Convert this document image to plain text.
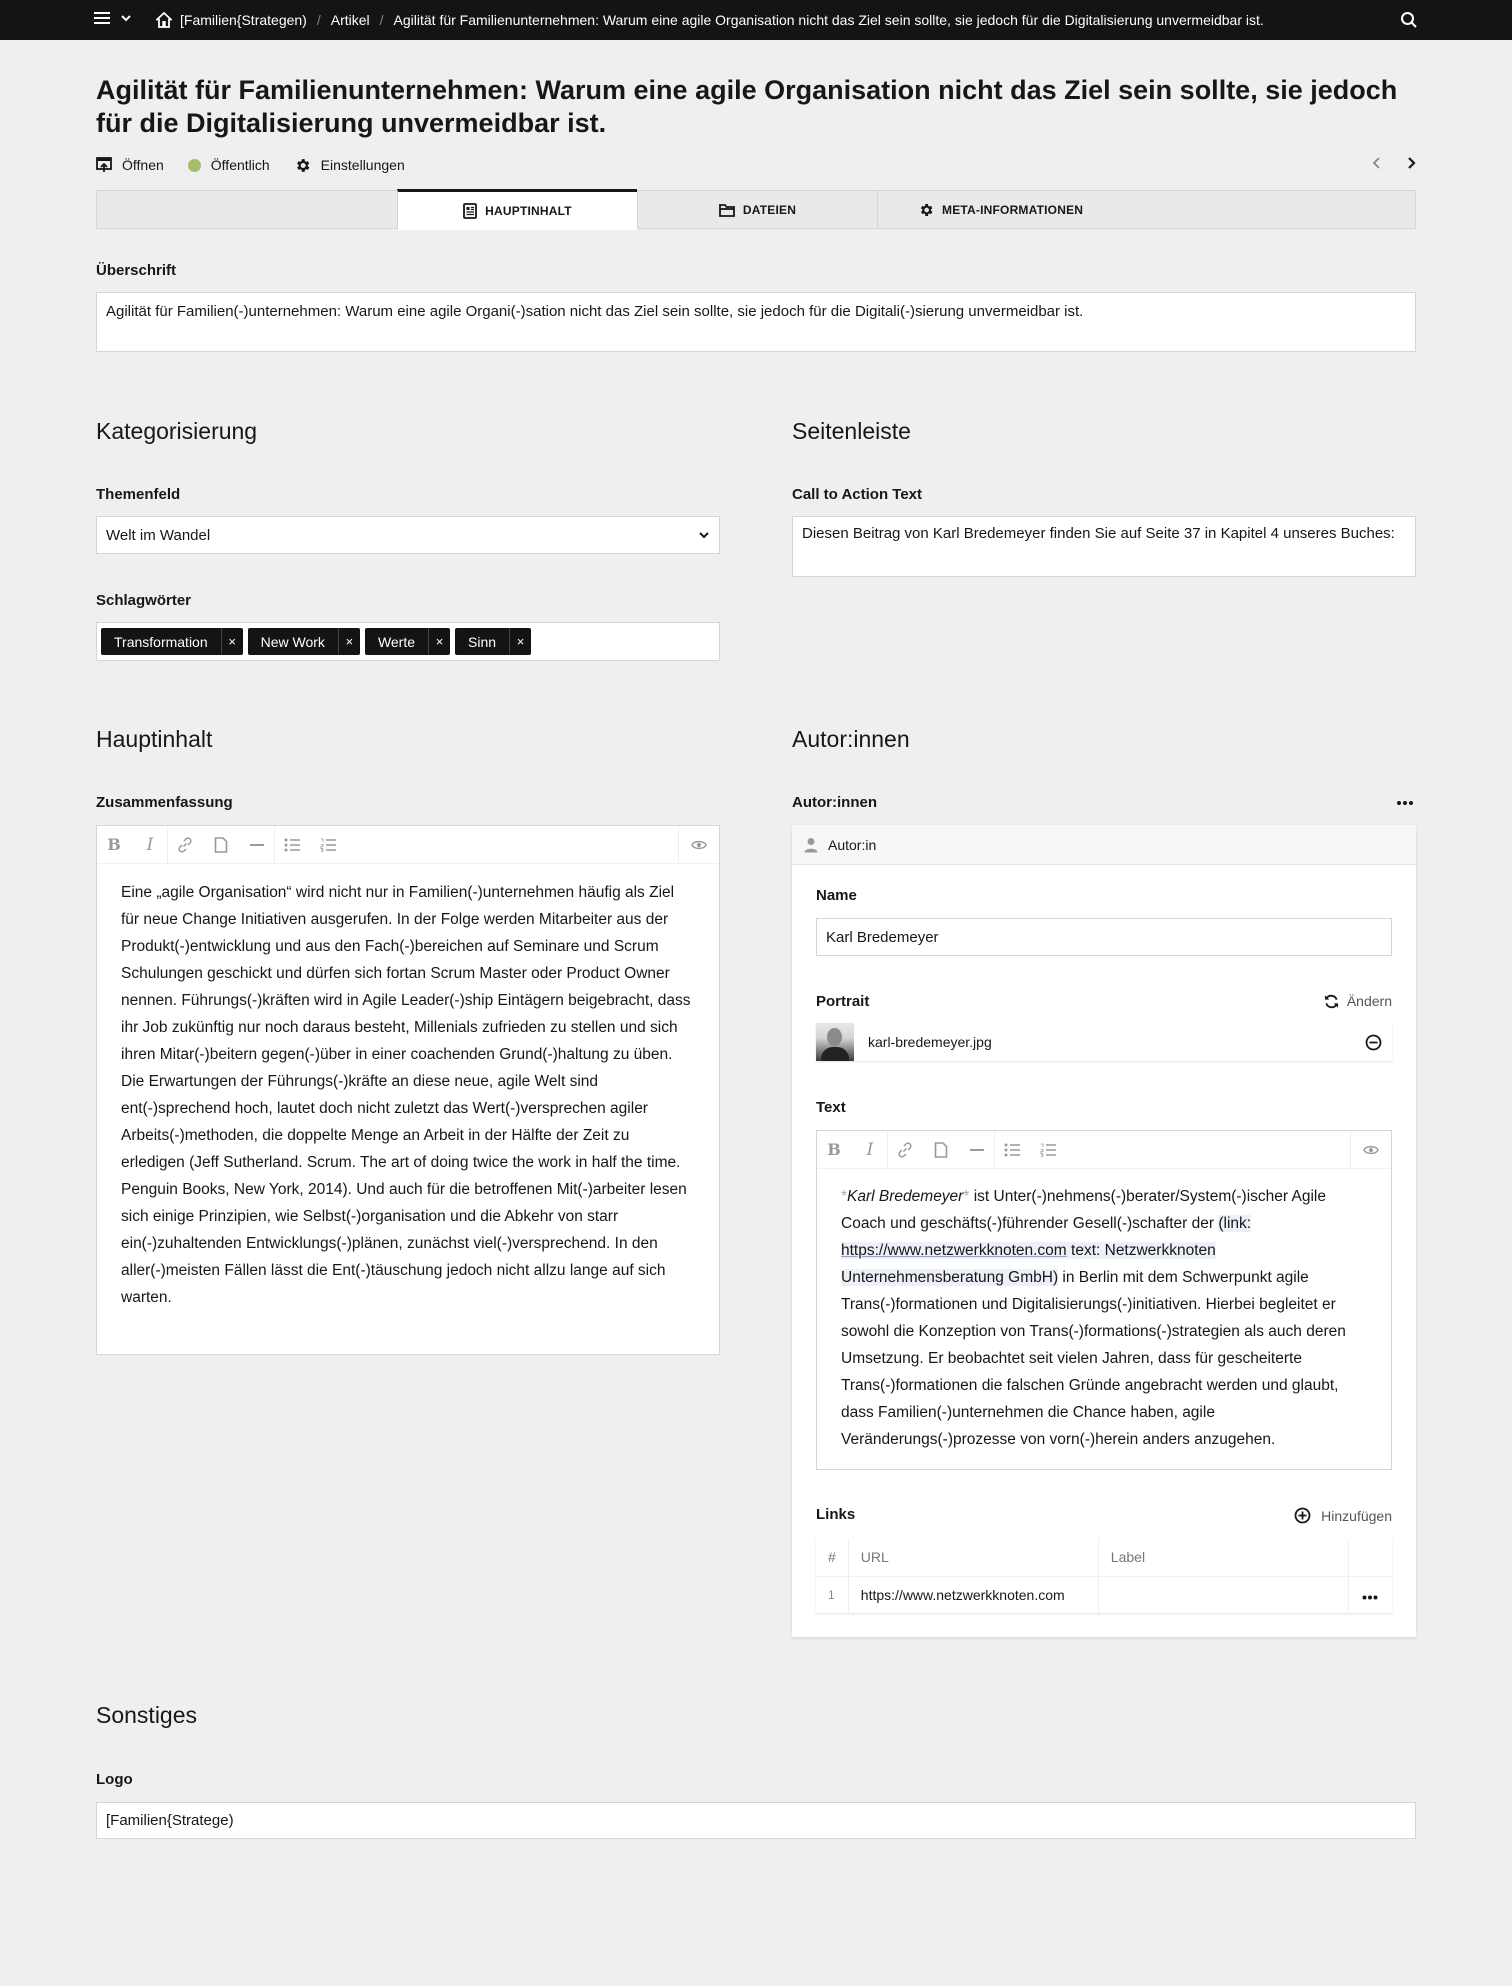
[Familien{Strategen) / Artikel / Agilität für Familienunternehmen: Warum eine agile Organisation nicht das Ziel sein sollte, sie jedoch für die Digitalisierung unvermeidbar ist.
Agilität für Familienunternehmen: Warum eine agile Organisation nicht das Ziel sein sollte, sie jedoch für die Digitalisierung unvermeidbar ist.
Öffnen	Öffentlich	Einstellungen
HAUPTINHALT	DATEIEN	META-INFORMATIONEN
Überschrift
Agilität für Familien(-)unternehmen: Warum eine agile Organi(-)sation nicht das Ziel sein sollte, sie jedoch für die Digitali(-)sierung unvermeidbar ist.
Kategorisierung
Themenfeld
Welt im Wandel
Schlagwörter
Transformation	×	New Work	×	Werte	×	Sinn	×
Seitenleiste
Call to Action Text
Diesen Beitrag von Karl Bredemeyer finden Sie auf Seite 37 in Kapitel 4 unseres Buches:
Hauptinhalt
Zusammenfassung
B I
Eine „agile Organisation“ wird nicht nur in Familien(-)unternehmen häufig als Ziel für neue Change Initiativen ausgerufen. In der Folge werden Mitarbeiter aus der Produkt(-)entwicklung und aus den Fach(-)bereichen auf Seminare und Scrum Schulungen geschickt und dürfen sich fortan Scrum Master oder Product Owner nennen. Führungs(-)kräften wird in Agile Leader(-)ship Eintägern beigebracht, dass ihr Job zukünftig nur noch daraus besteht, Millenials zufrieden zu stellen und sich ihren Mitar(-)beitern gegen(-)über in einer coachenden Grund(-)haltung zu üben. Die Erwartungen der Führungs(-)kräfte an diese neue, agile Welt sind ent(-)sprechend hoch, lautet doch nicht zuletzt das Wert(-)versprechen agiler Arbeits(-)methoden, die doppelte Menge an Arbeit in der Hälfte der Zeit zu erledigen (Jeff Sutherland. Scrum. The art of doing twice the work in half the time. Penguin Books, New York, 2014). Und auch für die betroffenen Mit(-)arbeiter lesen sich einige Prinzipien, wie Selbst(-)organisation und die Abkehr von starr ein(-)zuhaltenden Entwicklungs(-)plänen, zunächst viel(-)versprechend. In den aller(-)meisten Fällen lässt die Ent(-)täuschung jedoch nicht allzu lange auf sich warten.
Autor:innen
Autor:innen
Autor:in
Name
Karl Bredemeyer
Portrait	Ändern
karl-bredemeyer.jpg
Text
B I
*Karl Bredemeyer* ist Unter(-)nehmens(-)berater/System(-)ischer Agile Coach und geschäfts(-)führender Gesell(-)schafter der (link: https://www.netzwerkknoten.com text: Netzwerkknoten Unternehmensberatung GmbH) in Berlin mit dem Schwerpunkt agile Trans(-)formationen und Digitalisierungs(-)initiativen. Hierbei begleitet er sowohl die Konzeption von Trans(-)formations(-)strategien als auch deren Umsetzung. Er beobachtet seit vielen Jahren, dass für gescheiterte Trans(-)formationen die falschen Gründe angebracht werden und glaubt, dass Familien(-)unternehmen die Chance haben, agile Veränderungs(-)prozesse von vorn(-)herein anders anzugehen.
Links	Hinzufügen
#	URL	Label	
1	https://www.netzwerkknoten.com		
Sonstiges
Logo
[Familien{Stratege)
